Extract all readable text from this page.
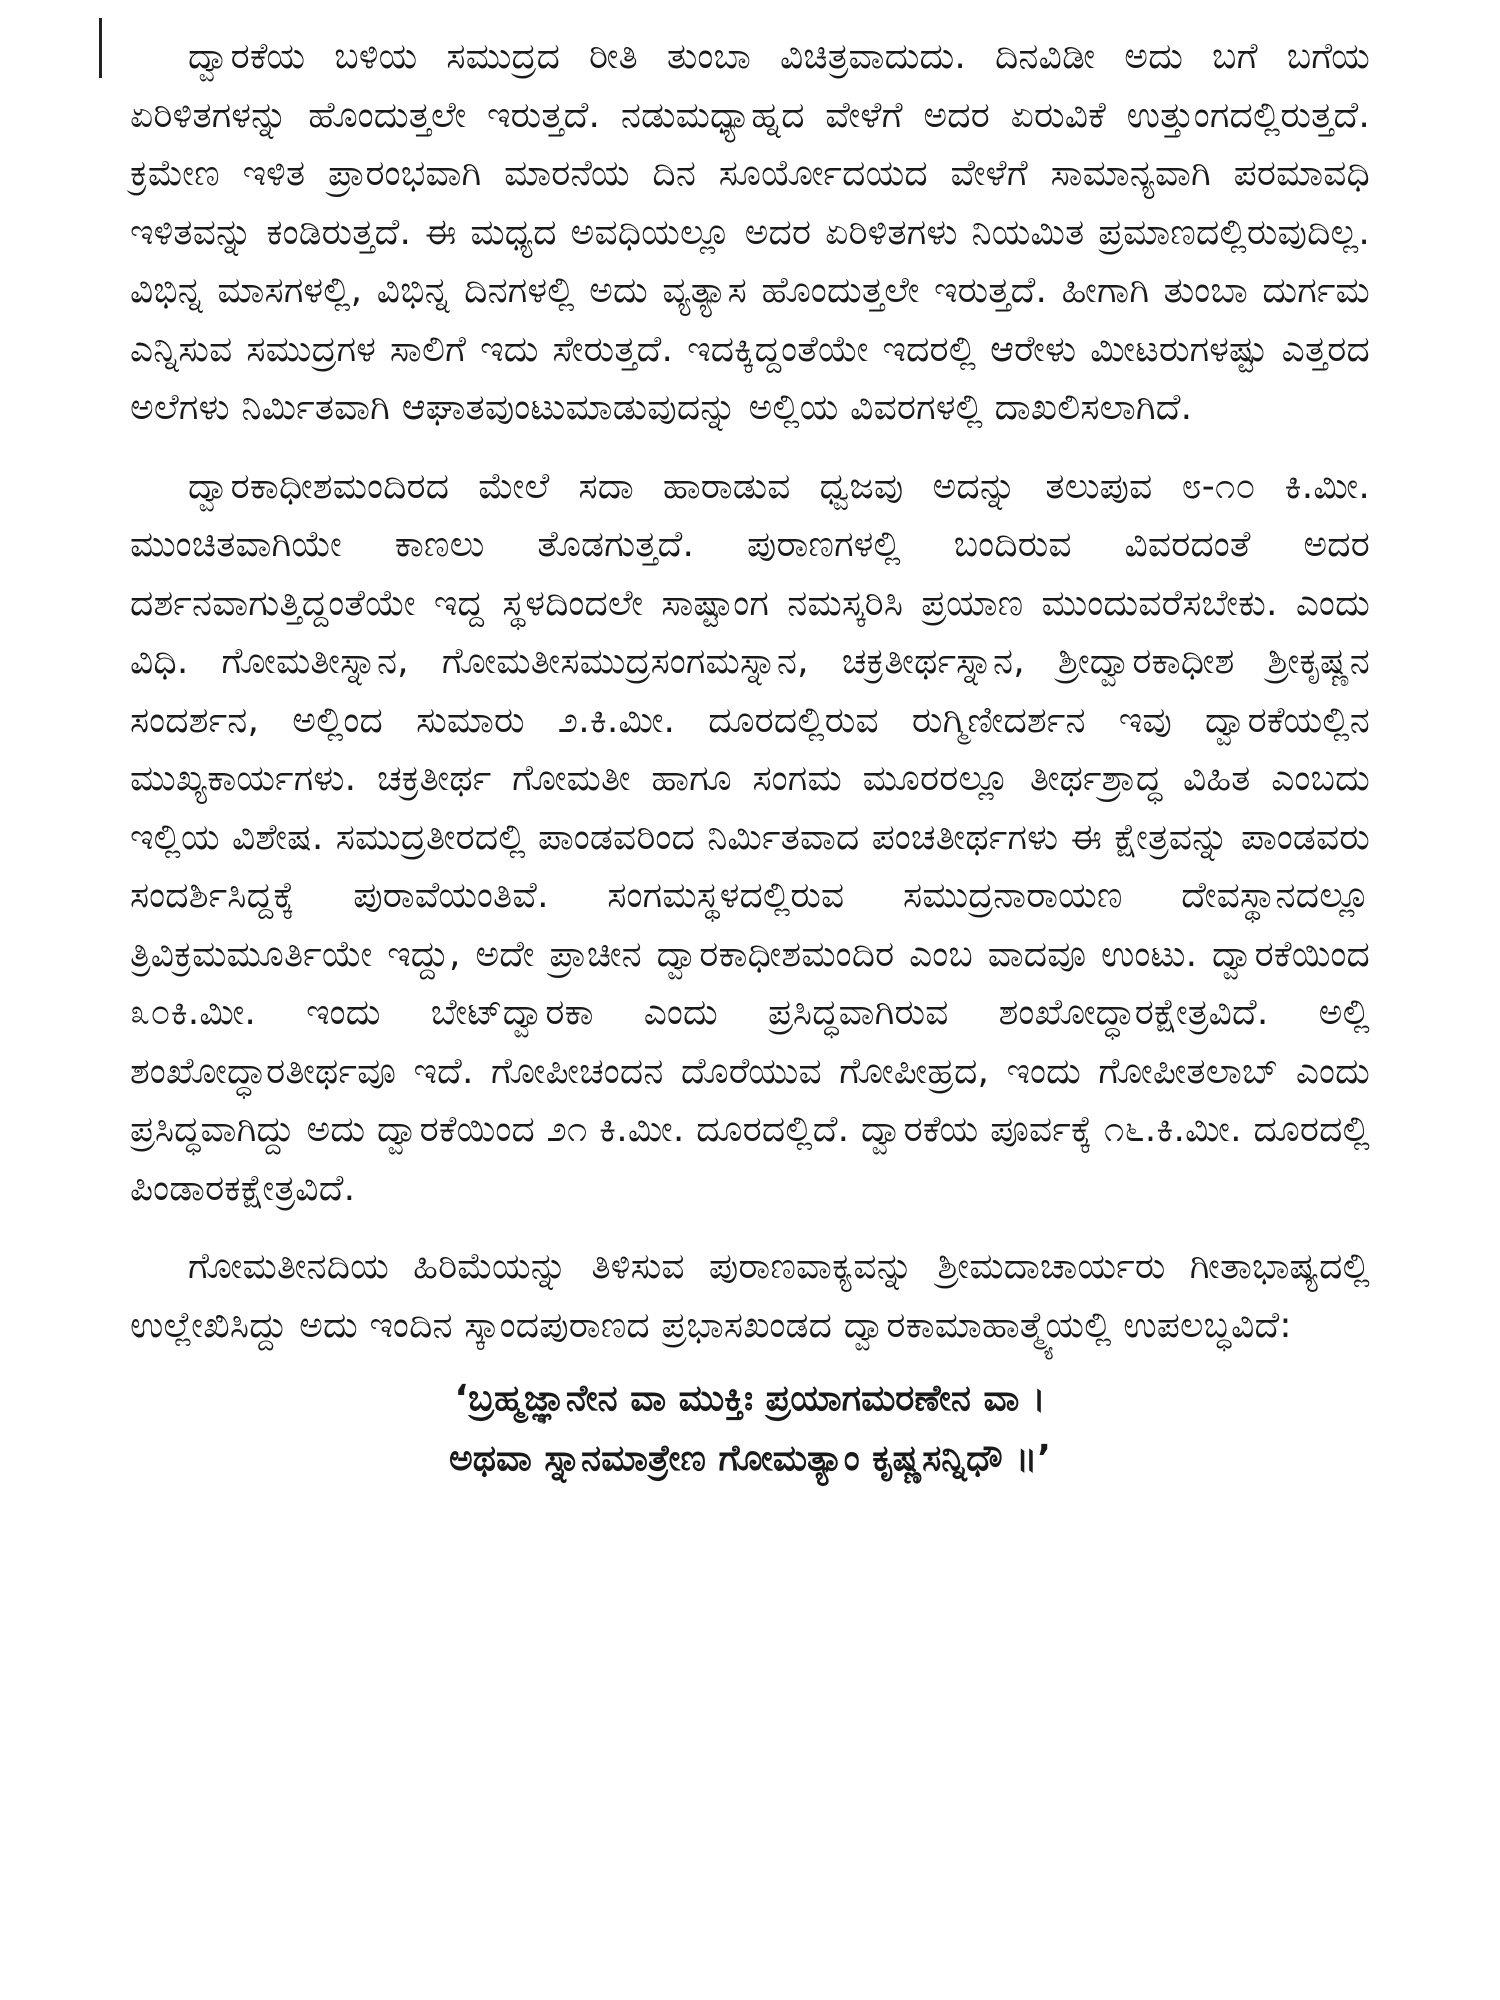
ದ್ವಾರಕೆಯ ಬಳಿಯ ಸಮುದ್ರದ ರೀತಿ ತುಂಬಾ ವಿಚಿತ್ರವಾದುದು. ದಿನವಿಡೀ ಅದು ಬಗೆ ಬಗೆಯ ಏರಿಳಿತಗಳನ್ನು ಹೊಂದುತ್ತಲೇ ಇರುತ್ತದೆ. ನಡುಮಧ್ಯಾಹ್ನದ ವೇಳೆಗೆ ಅದರ ಏರುವಿಕೆ ಉತ್ತುಂಗದಲ್ಲಿರುತ್ತದೆ. ಕ್ರಮೇಣ ಇಳಿತ ಪ್ರಾರಂಭವಾಗಿ ಮಾರನೆಯ ದಿನ ಸೂರ್ಯೋದಯದ ವೇಳೆಗೆ ಸಾಮಾನ್ಯವಾಗಿ ಪರಮಾವಧಿ ಇಳಿತವನ್ನು ಕಂಡಿರುತ್ತದೆ. ಈ ಮಧ್ಯದ ಅವಧಿಯಲ್ಲೂ ಅದರ ಏರಿಳಿತಗಳು ನಿಯಮಿತ ಪ್ರಮಾಣದಲ್ಲಿರುವುದಿಲ್ಲ. ವಿಭಿನ್ನ ಮಾಸಗಳಲ್ಲಿ, ವಿಭಿನ್ನ ದಿನಗಳಲ್ಲಿ ಅದು ವ್ಯತ್ಯಾಸ ಹೊಂದುತ್ತಲೇ ಇರುತ್ತದೆ. ಹೀಗಾಗಿ ತುಂಬಾ ದುರ್ಗಮ ಎನ್ನಿಸುವ ಸಮುದ್ರಗಳ ಸಾಲಿಗೆ ಇದು ಸೇರುತ್ತದೆ. ಇದಕ್ಕಿದ್ದಂತೆಯೇ ಇದರಲ್ಲಿ ಆರೇಳು ಮೀಟರುಗಳಷ್ಟು ಎತ್ತರದ ಅಲೆಗಳು ನಿರ್ಮಿತವಾಗಿ ಆಘಾತವುಂಟುಮಾಡುವುದನ್ನು ಅಲ್ಲಿಯ ವಿವರಗಳಲ್ಲಿ ದಾಖಲಿಸಲಾಗಿದೆ.

ದ್ವಾರಕಾಧೀಶಮಂದಿರದ ಮೇಲೆ ಸದಾ ಹಾರಾಡುವ ಧ್ವಜವು ಅದನ್ನು ತಲುಪುವ ೮-೧೦ ಕಿ.ಮೀ. ಮುಂಚಿತವಾಗಿಯೇ ಕಾಣಲು ತೊಡಗುತ್ತದೆ. ಪುರಾಣಗಳಲ್ಲಿ ಬಂದಿರುವ ವಿವರದಂತೆ ಅದರ ದರ್ಶನವಾಗುತ್ತಿದ್ದಂತೆಯೇ ಇದ್ದ ಸ್ಥಳದಿಂದಲೇ ಸಾಷ್ಟಾಂಗ ನಮಸ್ಕರಿಸಿ ಪ್ರಯಾಣ ಮುಂದುವರೆಸಬೇಕು. ಎಂದು ವಿಧಿ. ಗೋಮತೀಸ್ನಾನ, ಗೋಮತೀಸಮುದ್ರಸಂಗಮಸ್ನಾನ, ಚಕ್ರತೀರ್ಥಸ್ನಾನ, ಶ್ರೀದ್ವಾರಕಾಧೀಶ ಶ್ರೀಕೃಷ್ಣನ ಸಂದರ್ಶನ, ಅಲ್ಲಿಂದ ಸುಮಾರು ೨.ಕಿ.ಮೀ. ದೂರದಲ್ಲಿರುವ ರುಗ್ಮಿಣೀದರ್ಶನ ಇವು ದ್ವಾರಕೆಯಲ್ಲಿನ ಮುಖ್ಯಕಾರ್ಯಗಳು. ಚಕ್ರತೀರ್ಥ ಗೋಮತೀ ಹಾಗೂ ಸಂಗಮ ಮೂರರಲ್ಲೂ ತೀರ್ಥಶ್ರಾದ್ಧ ವಿಹಿತ ಎಂಬದು ಇಲ್ಲಿಯ ವಿಶೇಷ. ಸಮುದ್ರತೀರದಲ್ಲಿ ಪಾಂಡವರಿಂದ ನಿರ್ಮಿತವಾದ ಪಂಚತೀರ್ಥಗಳು ಈ ಕ್ಷೇತ್ರವನ್ನು ಪಾಂಡವರು ಸಂದರ್ಶಿಸಿದ್ದಕ್ಕೆ ಪುರಾವೆಯಂತಿವೆ. ಸಂಗಮಸ್ಥಳದಲ್ಲಿರುವ ಸಮುದ್ರನಾರಾಯಣ ದೇವಸ್ಥಾನದಲ್ಲೂ ತ್ರಿವಿಕ್ರಮಮೂರ್ತಿಯೇ ಇದ್ದು, ಅದೇ ಪ್ರಾಚೀನ ದ್ವಾರಕಾಧೀಶಮಂದಿರ ಎಂಬ ವಾದವೂ ಉಂಟು. ದ್ವಾರಕೆಯಿಂದ ೩೦ಕಿ.ಮೀ. ಇಂದು ಬೇಟ್‌ದ್ವಾರಕಾ ಎಂದು ಪ್ರಸಿದ್ಧವಾಗಿರುವ ಶಂಖೋದ್ಧಾರಕ್ಷೇತ್ರವಿದೆ. ಅಲ್ಲಿ ಶಂಖೋದ್ಧಾರತೀರ್ಥವೂ ಇದೆ. ಗೋಪೀಚಂದನ ದೊರೆಯುವ ಗೋಪೀಹ್ರದ, ಇಂದು ಗೋಪೀತಲಾಬ್ ಎಂದು ಪ್ರಸಿದ್ಧವಾಗಿದ್ದು ಅದು ದ್ವಾರಕೆಯಿಂದ ೨೧ ಕಿ.ಮೀ. ದೂರದಲ್ಲಿದೆ. ದ್ವಾರಕೆಯ ಪೂರ್ವಕ್ಕೆ ೧೬.ಕಿ.ಮೀ. ದೂರದಲ್ಲಿ ಪಿಂಡಾರಕಕ್ಷೇತ್ರವಿದೆ.

ಗೋಮತೀನದಿಯ ಹಿರಿಮೆಯನ್ನು ತಿಳಿಸುವ ಪುರಾಣವಾಕ್ಯವನ್ನು ಶ್ರೀಮದಾಚಾರ್ಯರು ಗೀತಾಭಾಷ್ಯದಲ್ಲಿ ಉಲ್ಲೇಖಿಸಿದ್ದು ಅದು ಇಂದಿನ ಸ್ಕಾಂದಪುರಾಣದ ಪ್ರಭಾಸಖಂಡದ ದ್ವಾರಕಾಮಾಹಾತ್ಮ್ಯೆಯಲ್ಲಿ ಉಪಲಬ್ಧವಿದೆ:

‘ಬ್ರಹ್ಮಜ್ಞಾನೇನ ವಾ ಮುಕ್ತಿಃ ಪ್ರಯಾಗಮರಣೇನ ವಾ ।
ಅಥವಾ ಸ್ನಾನಮಾತ್ರೇಣ ಗೋಮತ್ಯಾಂ ಕೃಷ್ಣಸನ್ನಿಧೌ ॥’
